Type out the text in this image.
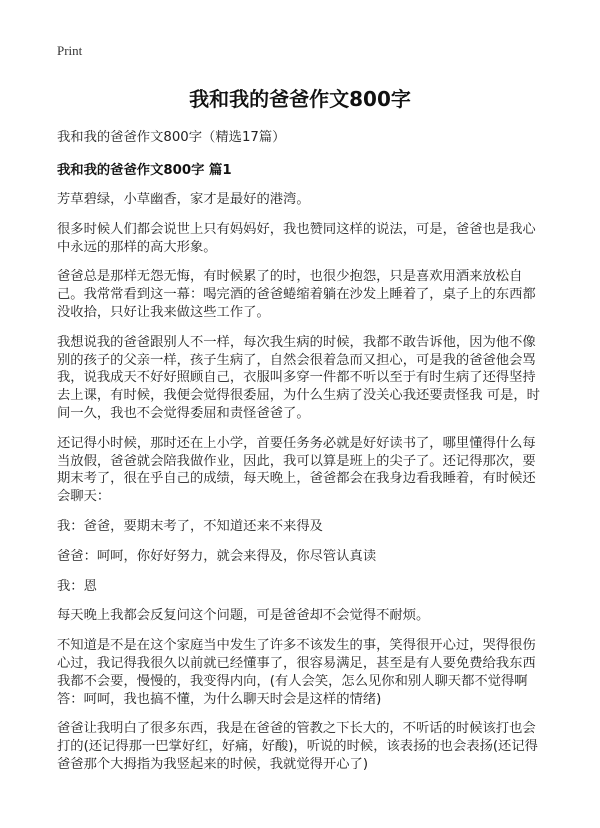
Print
我和我的爸爸作文800字
我和我的爸爸作文800字（精选17篇）
我和我的爸爸作文800字 篇1

芳草碧绿，小草幽香，家才是最好的港湾。

很多时候人们都会说世上只有妈妈好，我也赞同这样的说法，可是，爸爸也是我心中永远的那样的高大形象。

爸爸总是那样无怨无悔，有时候累了的时，也很少抱怨，只是喜欢用酒来放松自己。我常常看到这一幕：喝完酒的爸爸蜷缩着躺在沙发上睡着了，桌子上的东西都没收拾，只好让我来做这些工作了。

我想说我的爸爸跟别人不一样，每次我生病的时候，我都不敢告诉他，因为他不像别的孩子的父亲一样，孩子生病了，自然会很着急而又担心，可是我的爸爸他会骂我，说我成天不好好照顾自己，衣服叫多穿一件都不听以至于有时生病了还得坚持去上课，有时候，我便会觉得很委屈，为什么生病了没关心我还要责怪我 可是，时间一久，我也不会觉得委屈和责怪爸爸了。

还记得小时候，那时还在上小学，首要任务务必就是好好读书了，哪里懂得什么每当放假，爸爸就会陪我做作业，因此，我可以算是班上的尖子了。还记得那次，要期末考了，很在乎自己的成绩，每天晚上，爸爸都会在我身边看我睡着，有时候还会聊天：

我：爸爸，要期末考了，不知道还来不来得及

爸爸：呵呵，你好好努力，就会来得及，你尽管认真读

我：恩

每天晚上我都会反复问这个问题，可是爸爸却不会觉得不耐烦。

不知道是不是在这个家庭当中发生了许多不该发生的事，笑得很开心过，哭得很伤心过，我记得我很久以前就已经懂事了，很容易满足，甚至是有人要免费给我东西我都不会要，慢慢的，我变得内向，(有人会笑，怎么见你和别人聊天都不觉得啊答：呵呵，我也搞不懂，为什么聊天时会是这样的情绪)

爸爸让我明白了很多东西，我是在爸爸的管教之下长大的，不听话的时候该打也会打的(还记得那一巴掌好红，好痛，好酸)，听说的时候，该表扬的也会表扬(还记得爸爸那个大拇指为我竖起来的时候，我就觉得开心了)
